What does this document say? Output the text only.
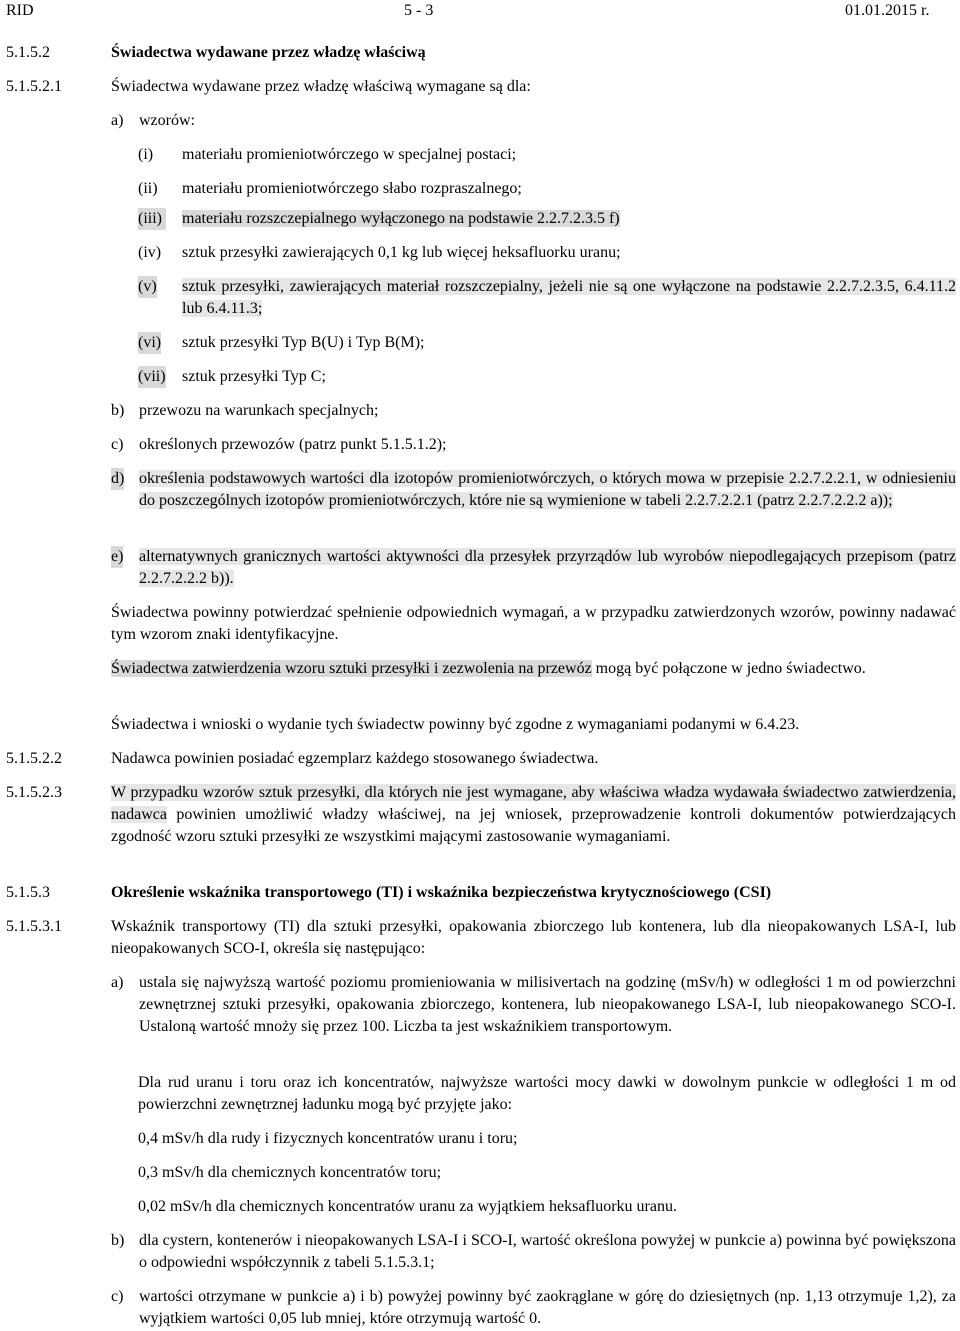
RID	5 - 3	01.01.2015 r.
5.1.5.2	Świadectwa wydawane przez władzę właściwą
5.1.5.2.1	Świadectwa wydawane przez władzę właściwą wymagane są dla:
a) wzorów:
(i) materiału promieniotwórczego w specjalnej postaci;
(ii) materiału promieniotwórczego słabo rozpraszalnego;
(iii) materiału rozszczepialnego wyłączonego na podstawie 2.2.7.2.3.5 f)
(iv) sztuk przesyłki zawierających 0,1 kg lub więcej heksafluorku uranu;
(v) sztuk przesyłki, zawierających materiał rozszczepialny, jeżeli nie są one wyłączone na podstawie 2.2.7.2.3.5, 6.4.11.2 lub 6.4.11.3;
(vi) sztuk przesyłki Typ B(U) i Typ B(M);
(vii) sztuk przesyłki Typ C;
b) przewozu na warunkach specjalnych;
c) określonych przewozów (patrz punkt 5.1.5.1.2);
d) określenia podstawowych wartości dla izotopów promieniotwórczych, o których mowa w przepisie 2.2.7.2.2.1, w odniesieniu do poszczególnych izotopów promieniotwórczych, które nie są wymienione w tabeli 2.2.7.2.2.1 (patrz 2.2.7.2.2.2 a));
e) alternatywnych granicznych wartości aktywności dla przesyłek przyrządów lub wyrobów niepodlegających przepisom (patrz 2.2.7.2.2.2 b)).
Świadectwa powinny potwierdzać spełnienie odpowiednich wymagań, a w przypadku zatwierdzonych wzorów, powinny nadawać tym wzorom znaki identyfikacyjne.
Świadectwa zatwierdzenia wzoru sztuki przesyłki i zezwolenia na przewóz mogą być połączone w jedno świadectwo.
Świadectwa i wnioski o wydanie tych świadectw powinny być zgodne z wymaganiami podanymi w 6.4.23.
5.1.5.2.2	Nadawca powinien posiadać egzemplarz każdego stosowanego świadectwa.
5.1.5.2.3	W przypadku wzorów sztuk przesyłki, dla których nie jest wymagane, aby właściwa władza wydawała świadectwo zatwierdzenia, nadawca powinien umożliwić władzy właściwej, na jej wniosek, przeprowadzenie kontroli dokumentów potwierdzających zgodność wzoru sztuki przesyłki ze wszystkimi mającymi zastosowanie wymaganiami.
5.1.5.3	Określenie wskaźnika transportowego (TI) i wskaźnika bezpieczeństwa krytycznościowego (CSI)
5.1.5.3.1	Wskaźnik transportowy (TI) dla sztuki przesyłki, opakowania zbiorczego lub kontenera, lub dla nieopakowanych LSA-I, lub nieopakowanych SCO-I, określa się następująco:
a) ustala się najwyższą wartość poziomu promieniowania w milisivertach na godzinę (mSv/h) w odległości 1 m od powierzchni zewnętrznej sztuki przesyłki, opakowania zbiorczego, kontenera, lub nieopakowanego LSA-I, lub nieopakowanego SCO-I. Ustaloną wartość mnoży się przez 100. Liczba ta jest wskaźnikiem transportowym.
Dla rud uranu i toru oraz ich koncentratów, najwyższe wartości mocy dawki w dowolnym punkcie w odległości 1 m od powierzchni zewnętrznej ładunku mogą być przyjęte jako:
0,4 mSv/h dla rudy i fizycznych koncentratów uranu i toru;
0,3 mSv/h dla chemicznych koncentratów toru;
0,02 mSv/h dla chemicznych koncentratów uranu za wyjątkiem heksafluorku uranu.
b) dla cystern, kontenerów i nieopakowanych LSA-I i SCO-I, wartość określona powyżej w punkcie a) powinna być powiększona o odpowiedni współczynnik z tabeli 5.1.5.3.1;
c) wartości otrzymane w punkcie a) i b) powyżej powinny być zaokrąglane w górę do dziesiętnych (np. 1,13 otrzymuje 1,2), za wyjątkiem wartości 0,05 lub mniej, które otrzymują wartość 0.
